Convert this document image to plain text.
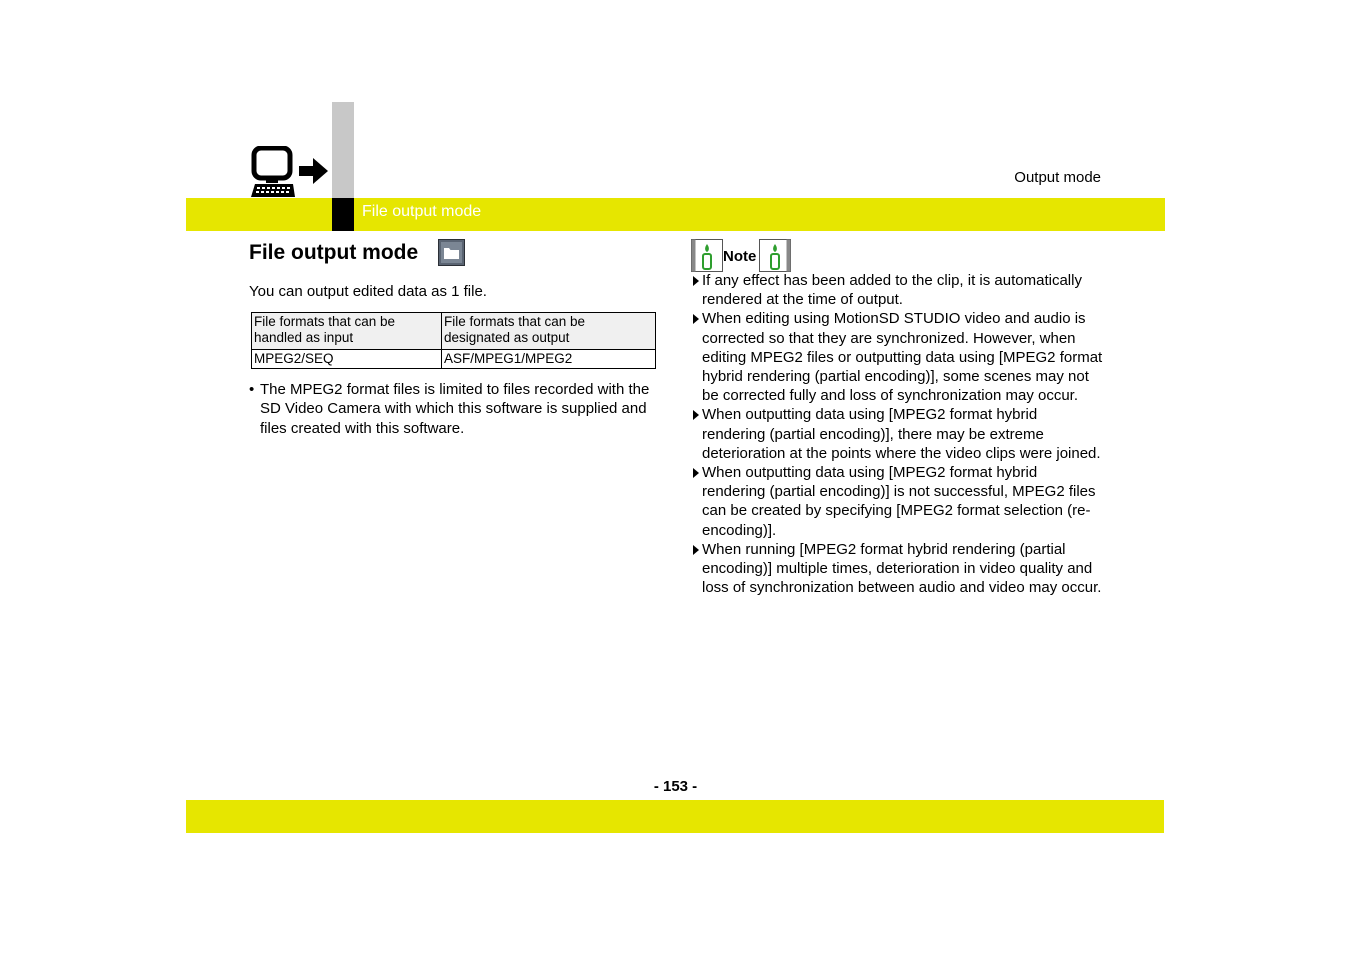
Output mode
File output mode
File output mode
You can output edited data as 1 file.
File formats that can be handled as input	File formats that can be designated as output
MPEG2/SEQ	ASF/MPEG1/MPEG2
• The MPEG2 format files is limited to files recorded with the SD Video Camera with which this software is supplied and files created with this software.
Note
If any effect has been added to the clip, it is automatically rendered at the time of output.
When editing using MotionSD STUDIO video and audio is corrected so that they are synchronized. However, when editing MPEG2 files or outputting data using [MPEG2 format hybrid rendering (partial encoding)], some scenes may not be corrected fully and loss of synchronization may occur.
When outputting data using [MPEG2 format hybrid rendering (partial encoding)], there may be extreme deterioration at the points where the video clips were joined.
When outputting data using [MPEG2 format hybrid rendering (partial encoding)] is not successful, MPEG2 files can be created by specifying [MPEG2 format selection (re-encoding)].
When running [MPEG2 format hybrid rendering (partial encoding)] multiple times, deterioration in video quality and loss of synchronization between audio and video may occur.
- 153 -
